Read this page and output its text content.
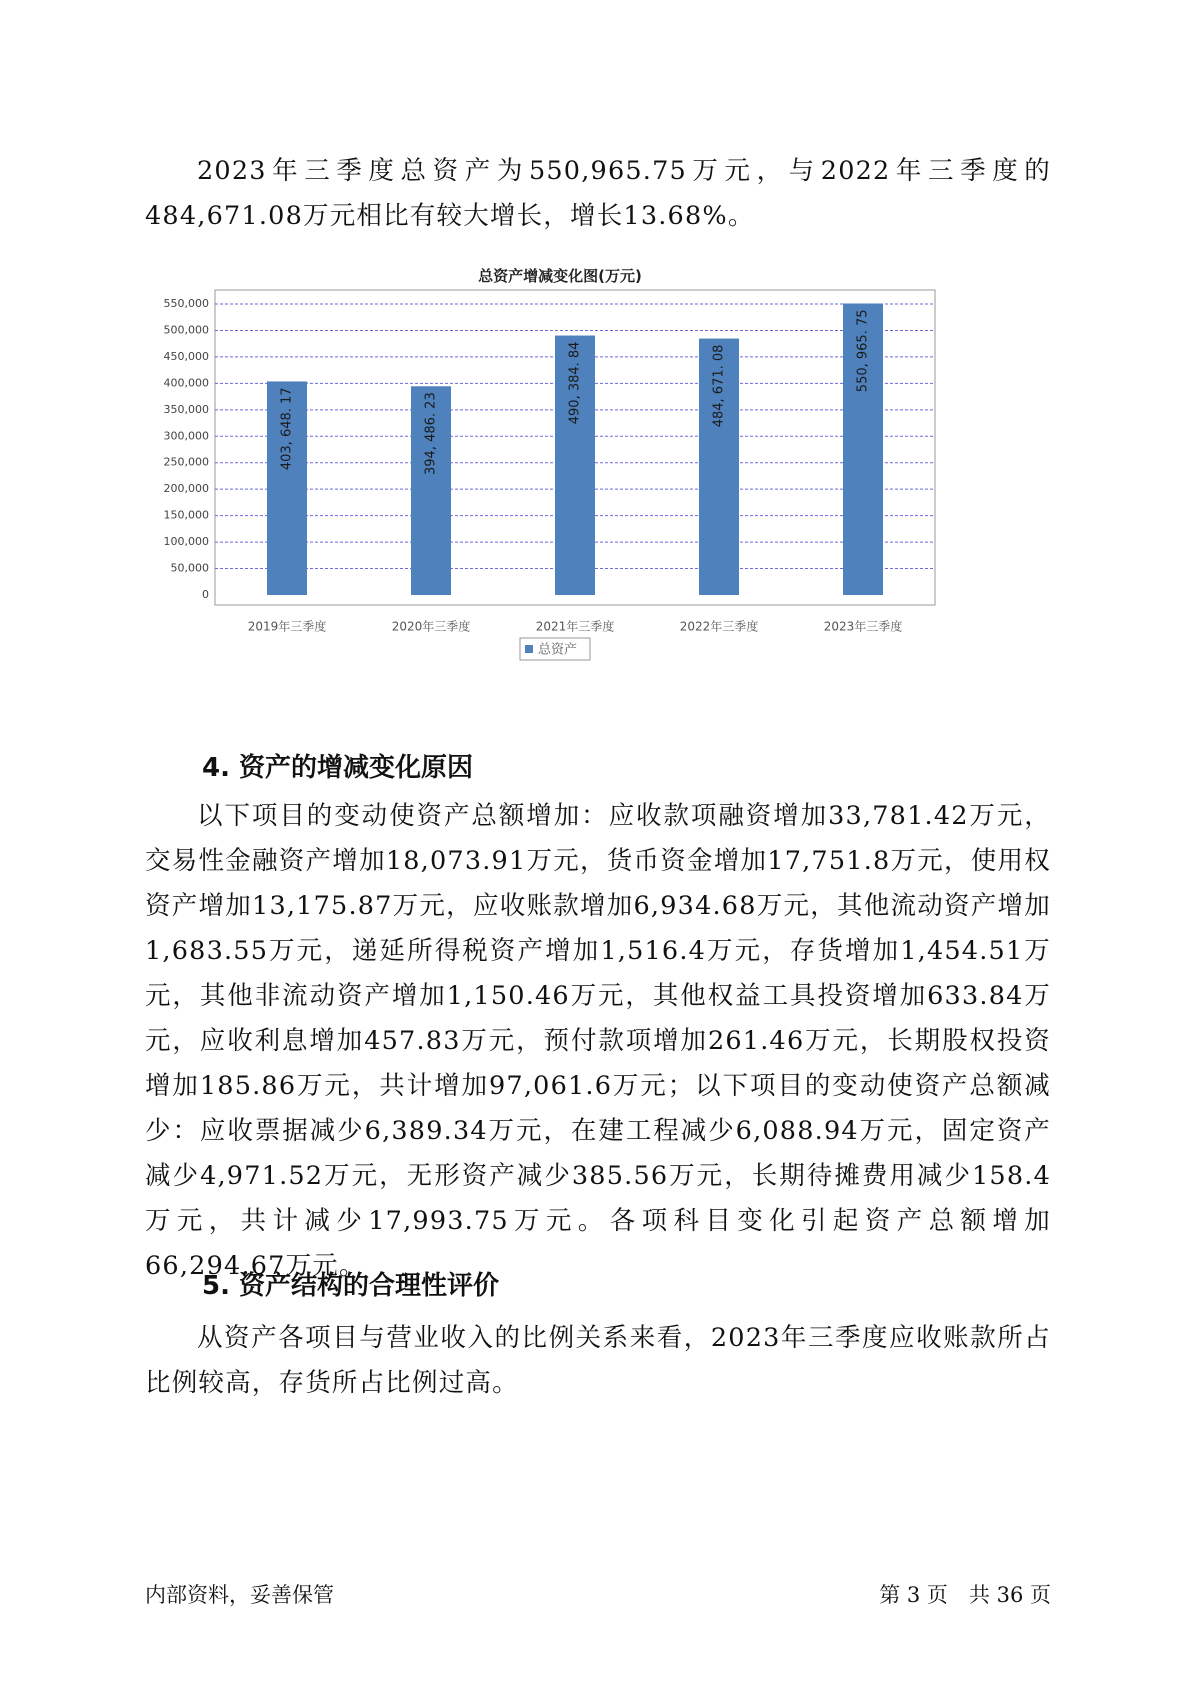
2023年三季度总资产为550,965.75万元，与2022年三季度的484,671.08万元相比有较大增长，增长13.68%。

总资产增减变化图(万元)
0
50,000
100,000
150,000
200,000
250,000
300,000
350,000
400,000
450,000
500,000
550,000
403, 648. 17	394, 486. 23
490, 384. 84	484, 671. 08	550, 965. 75
2019年三季度	2020年三季度	2021年三季度	2022年三季度	2023年三季度
总资产
4. 资产的增减变化原因

以下项目的变动使资产总额增加：应收款项融资增加33,781.42万元，交易性金融资产增加18,073.91万元，货币资金增加17,751.8万元，使用权资产增加13,175.87万元，应收账款增加6,934.68万元，其他流动资产增加1,683.55万元，递延所得税资产增加1,516.4万元，存货增加1,454.51万元，其他非流动资产增加1,150.46万元，其他权益工具投资增加633.84万元，应收利息增加457.83万元，预付款项增加261.46万元，长期股权投资增加185.86万元，共计增加97,061.6万元；以下项目的变动使资产总额减少：应收票据减少6,389.34万元，在建工程减少6,088.94万元，固定资产减少4,971.52万元，无形资产减少385.56万元，长期待摊费用减少158.4万元，共计减少17,993.75万元。各项科目变化引起资产总额增加66,294.67万元。

5. 资产结构的合理性评价

从资产各项目与营业收入的比例关系来看，2023年三季度应收账款所占比例较高，存货所占比例过高。

内部资料，妥善保管	第 3 页　共 36 页
